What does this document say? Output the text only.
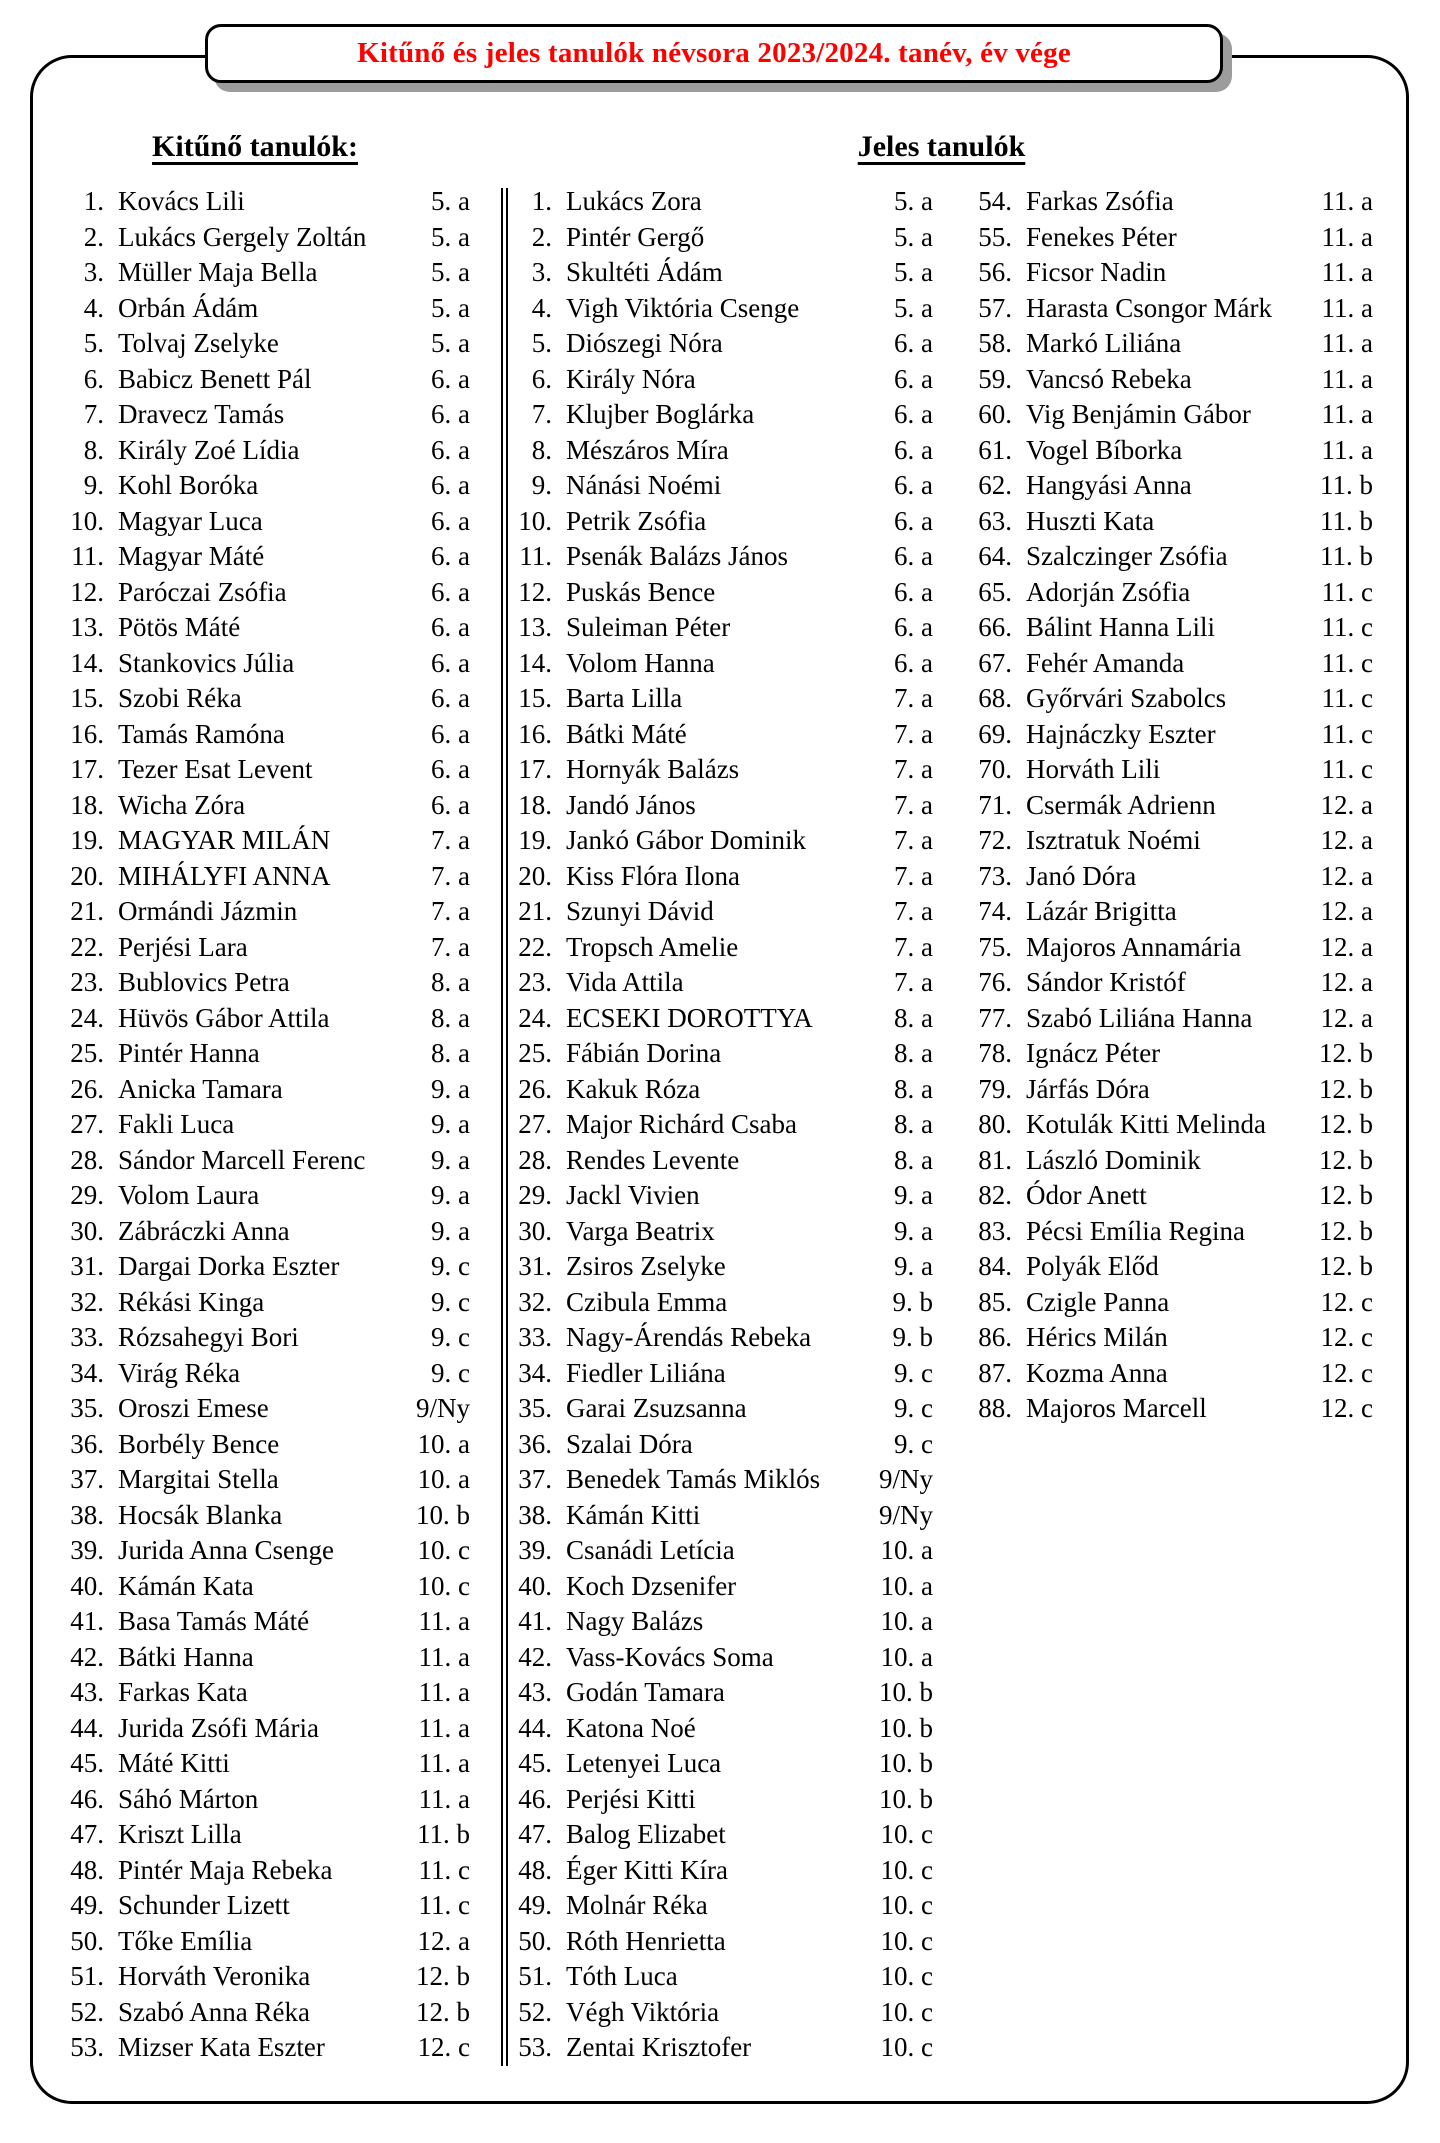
Kitűnő és jeles tanulók névsora 2023/2024. tanév, év vége
Kitűnő tanulók:	Jeles tanulók
1. Kovács Lili	5. a
2. Lukács Gergely Zoltán	5. a
3. Müller Maja Bella	5. a
4. Orbán Ádám	5. a
5. Tolvaj Zselyke	5. a
6. Babicz Benett Pál	6. a
7. Dravecz Tamás	6. a
8. Király Zoé Lídia	6. a
9. Kohl Boróka	6. a
10. Magyar Luca	6. a
11. Magyar Máté	6. a
12. Paróczai Zsófia	6. a
13. Pötös Máté	6. a
14. Stankovics Júlia	6. a
15. Szobi Réka	6. a
16. Tamás Ramóna	6. a
17. Tezer Esat Levent	6. a
18. Wicha Zóra	6. a
19. MAGYAR MILÁN	7. a
20. MIHÁLYFI ANNA	7. a
21. Ormándi Jázmin	7. a
22. Perjési Lara	7. a
23. Bublovics Petra	8. a
24. Hüvös Gábor Attila	8. a
25. Pintér Hanna	8. a
26. Anicka Tamara	9. a
27. Fakli Luca	9. a
28. Sándor Marcell Ferenc	9. a
29. Volom Laura	9. a
30. Zábráczki Anna	9. a
31. Dargai Dorka Eszter	9. c
32. Rékási Kinga	9. c
33. Rózsahegyi Bori	9. c
34. Virág Réka	9. c
35. Oroszi Emese	9/Ny
36. Borbély Bence	10. a
37. Margitai Stella	10. a
38. Hocsák Blanka	10. b
39. Jurida Anna Csenge	10. c
40. Kámán Kata	10. c
41. Basa Tamás Máté	11. a
42. Bátki Hanna	11. a
43. Farkas Kata	11. a
44. Jurida Zsófi Mária	11. a
45. Máté Kitti	11. a
46. Sáhó Márton	11. a
47. Kriszt Lilla	11. b
48. Pintér Maja Rebeka	11. c
49. Schunder Lizett	11. c
50. Tőke Emília	12. a
51. Horváth Veronika	12. b
52. Szabó Anna Réka	12. b
53. Mizser Kata Eszter	12. c
1. Lukács Zora	5. a
2. Pintér Gergő	5. a
3. Skultéti Ádám	5. a
4. Vigh Viktória Csenge	5. a
5. Diószegi Nóra	6. a
6. Király Nóra	6. a
7. Klujber Boglárka	6. a
8. Mészáros Míra	6. a
9. Nánási Noémi	6. a
10. Petrik Zsófia	6. a
11. Psenák Balázs János	6. a
12. Puskás Bence	6. a
13. Suleiman Péter	6. a
14. Volom Hanna	6. a
15. Barta Lilla	7. a
16. Bátki Máté	7. a
17. Hornyák Balázs	7. a
18. Jandó János	7. a
19. Jankó Gábor Dominik	7. a
20. Kiss Flóra Ilona	7. a
21. Szunyi Dávid	7. a
22. Tropsch Amelie	7. a
23. Vida Attila	7. a
24. ECSEKI DOROTTYA	8. a
25. Fábián Dorina	8. a
26. Kakuk Róza	8. a
27. Major Richárd Csaba	8. a
28. Rendes Levente	8. a
29. Jackl Vivien	9. a
30. Varga Beatrix	9. a
31. Zsiros Zselyke	9. a
32. Czibula Emma	9. b
33. Nagy-Árendás Rebeka	9. b
34. Fiedler Liliána	9. c
35. Garai Zsuzsanna	9. c
36. Szalai Dóra	9. c
37. Benedek Tamás Miklós	9/Ny
38. Kámán Kitti	9/Ny
39. Csanádi Letícia	10. a
40. Koch Dzsenifer	10. a
41. Nagy Balázs	10. a
42. Vass-Kovács Soma	10. a
43. Godán Tamara	10. b
44. Katona Noé	10. b
45. Letenyei Luca	10. b
46. Perjési Kitti	10. b
47. Balog Elizabet	10. c
48. Éger Kitti Kíra	10. c
49. Molnár Réka	10. c
50. Róth Henrietta	10. c
51. Tóth Luca	10. c
52. Végh Viktória	10. c
53. Zentai Krisztofer	10. c
54. Farkas Zsófia	11. a
55. Fenekes Péter	11. a
56. Ficsor Nadin	11. a
57. Harasta Csongor Márk	11. a
58. Markó Liliána	11. a
59. Vancsó Rebeka	11. a
60. Vig Benjámin Gábor	11. a
61. Vogel Bíborka	11. a
62. Hangyási Anna	11. b
63. Huszti Kata	11. b
64. Szalczinger Zsófia	11. b
65. Adorján Zsófia	11. c
66. Bálint Hanna Lili	11. c
67. Fehér Amanda	11. c
68. Győrvári Szabolcs	11. c
69. Hajnáczky Eszter	11. c
70. Horváth Lili	11. c
71. Csermák Adrienn	12. a
72. Isztratuk Noémi	12. a
73. Janó Dóra	12. a
74. Lázár Brigitta	12. a
75. Majoros Annamária	12. a
76. Sándor Kristóf	12. a
77. Szabó Liliána Hanna	12. a
78. Ignácz Péter	12. b
79. Járfás Dóra	12. b
80. Kotulák Kitti Melinda	12. b
81. László Dominik	12. b
82. Ódor Anett	12. b
83. Pécsi Emília Regina	12. b
84. Polyák Előd	12. b
85. Czigle Panna	12. c
86. Hérics Milán	12. c
87. Kozma Anna	12. c
88. Majoros Marcell	12. c
